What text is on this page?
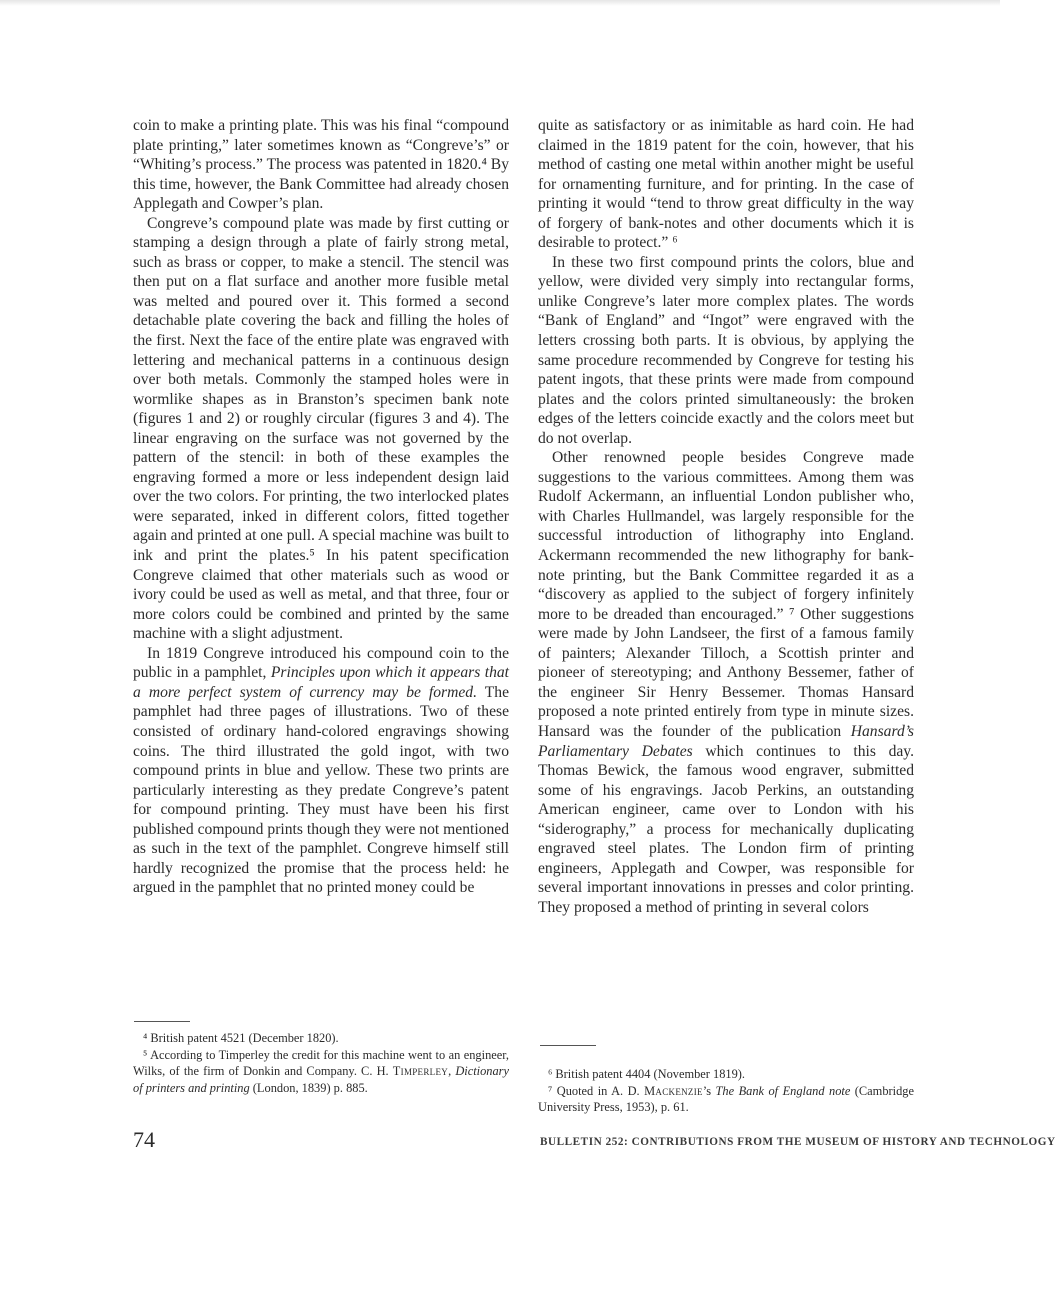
coin to make a printing plate. This was his final “compound plate printing,” later sometimes known as “Congreve’s” or “Whiting’s process.” The process was patented in 1820.⁴ By this time, however, the Bank Committee had already chosen Applegath and Cowper’s plan.

Congreve’s compound plate was made by first cutting or stamping a design through a plate of fairly strong metal, such as brass or copper, to make a stencil. The stencil was then put on a flat surface and another more fusible metal was melted and poured over it. This formed a second detachable plate covering the back and filling the holes of the first. Next the face of the entire plate was engraved with lettering and mechanical patterns in a continuous design over both metals. Commonly the stamped holes were in wormlike shapes as in Branston’s specimen bank note (figures 1 and 2) or roughly circular (figures 3 and 4). The linear engraving on the surface was not governed by the pattern of the stencil: in both of these examples the engraving formed a more or less independent design laid over the two colors. For printing, the two interlocked plates were separated, inked in different colors, fitted together again and printed at one pull. A special machine was built to ink and print the plates.⁵ In his patent specification Congreve claimed that other materials such as wood or ivory could be used as well as metal, and that three, four or more colors could be combined and printed by the same machine with a slight adjustment.

In 1819 Congreve introduced his compound coin to the public in a pamphlet, Principles upon which it appears that a more perfect system of currency may be formed. The pamphlet had three pages of illustrations. Two of these consisted of ordinary hand-colored engravings showing coins. The third illustrated the gold ingot, with two compound prints in blue and yellow. These two prints are particularly interesting as they predate Congreve’s patent for compound printing. They must have been his first published compound prints though they were not mentioned as such in the text of the pamphlet. Congreve himself still hardly recognized the promise that the process held: he argued in the pamphlet that no printed money could be

quite as satisfactory or as inimitable as hard coin. He had claimed in the 1819 patent for the coin, however, that his method of casting one metal within another might be useful for ornamenting furniture, and for printing. In the case of printing it would “tend to throw great difficulty in the way of forgery of bank-notes and other documents which it is desirable to protect.” ⁶

In these two first compound prints the colors, blue and yellow, were divided very simply into rectangular forms, unlike Congreve’s later more complex plates. The words “Bank of England” and “Ingot” were engraved with the letters crossing both parts. It is obvious, by applying the same procedure recommended by Congreve for testing his patent ingots, that these prints were made from compound plates and the colors printed simultaneously: the broken edges of the letters coincide exactly and the colors meet but do not overlap.

Other renowned people besides Congreve made suggestions to the various committees. Among them was Rudolf Ackermann, an influential London publisher who, with Charles Hullmandel, was largely responsible for the successful introduction of lithography into England. Ackermann recommended the new lithography for bank-note printing, but the Bank Committee regarded it as a “discovery as applied to the subject of forgery infinitely more to be dreaded than encouraged.” ⁷ Other suggestions were made by John Landseer, the first of a famous family of painters; Alexander Tilloch, a Scottish printer and pioneer of stereotyping; and Anthony Bessemer, father of the engineer Sir Henry Bessemer. Thomas Hansard proposed a note printed entirely from type in minute sizes. Hansard was the founder of the publication Hansard’s Parliamentary Debates which continues to this day. Thomas Bewick, the famous wood engraver, submitted some of his engravings. Jacob Perkins, an outstanding American engineer, came over to London with his “siderography,” a process for mechanically duplicating engraved steel plates. The London firm of printing engineers, Applegath and Cowper, was responsible for several important innovations in presses and color printing. They proposed a method of printing in several colors

⁴ British patent 4521 (December 1820).

⁵ According to Timperley the credit for this machine went to an engineer, Wilks, of the firm of Donkin and Company. C. H. Timperley, Dictionary of printers and printing (London, 1839) p. 885.

⁶ British patent 4404 (November 1819).

⁷ Quoted in A. D. Mackenzie’s The Bank of England note (Cambridge University Press, 1953), p. 61.

74	BULLETIN 252: CONTRIBUTIONS FROM THE MUSEUM OF HISTORY AND TECHNOLOGY
